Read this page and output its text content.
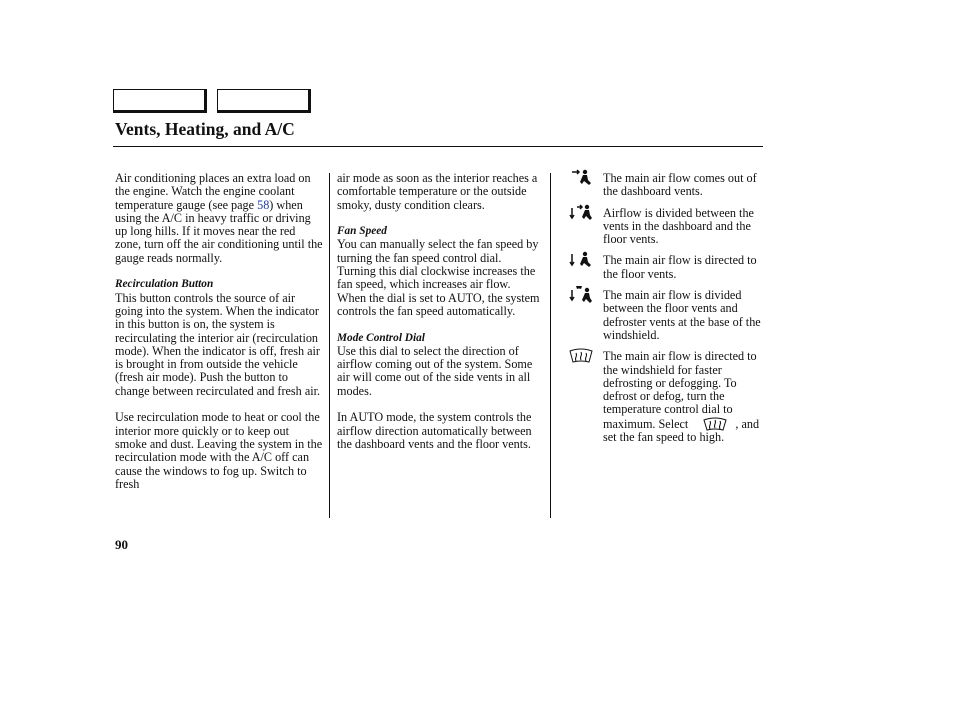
Vents, Heating, and A/C

Air conditioning places an extra load on the engine. Watch the engine coolant temperature gauge (see page 58) when using the A/C in heavy traffic or driving up long hills. If it moves near the red zone, turn off the air conditioning until the gauge reads normally.

Recirculation Button

This button controls the source of air going into the system. When the indicator in this button is on, the system is recirculating the interior air (recirculation mode). When the indicator is off, fresh air is brought in from outside the vehicle (fresh air mode). Push the button to change between recirculated and fresh air.

Use recirculation mode to heat or cool the interior more quickly or to keep out smoke and dust. Leaving the system in the recirculation mode with the A/C off can cause the windows to fog up. Switch to fresh

air mode as soon as the interior reaches a comfortable temperature or the outside smoky, dusty condition clears.

Fan Speed

You can manually select the fan speed by turning the fan speed control dial. Turning this dial clockwise increases the fan speed, which increases air flow.

When the dial is set to AUTO, the system controls the fan speed automatically.

Mode Control Dial

Use this dial to select the direction of airflow coming out of the system. Some air will come out of the side vents in all modes.

In AUTO mode, the system controls the airflow direction automatically between the dashboard vents and the floor vents.

The main air flow comes out of the dashboard vents.

Airflow is divided between the vents in the dashboard and the floor vents.

The main air flow is directed to the floor vents.

The main air flow is divided between the floor vents and defroster vents at the base of the windshield.

The main air flow is directed to the windshield for faster defrosting or defogging. To defrost or defog, turn the temperature control dial to maximum. Select	, and set the fan speed to high.

90
